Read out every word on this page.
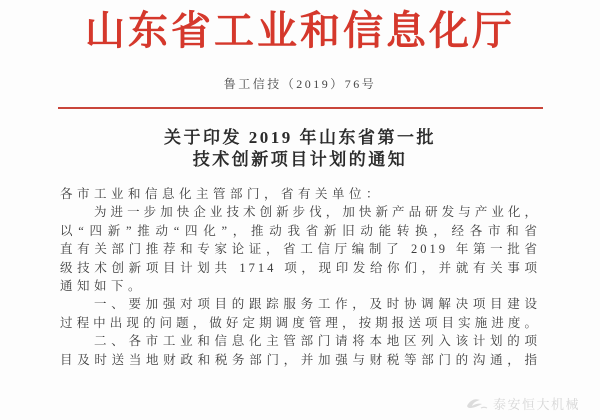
山东省工业和信息化厅
鲁工信技（2019）76号
关于印发 2019 年山东省第一批
技术创新项目计划的通知
各市工业和信息化主管部门，省有关单位：
为进一步加快企业技术创新步伐，加快新产品研发与产业化，
以“四新”推动“四化”，推动我省新旧动能转换，经各市和省
直有关部门推荐和专家论证，省工信厅编制了 2019 年第一批省
级技术创新项目计划共 1714 项，现印发给你们，并就有关事项
通知如下。
一、要加强对项目的跟踪服务工作，及时协调解决项目建设
过程中出现的问题，做好定期调度管理，按期报送项目实施进度。
二、各市工业和信息化主管部门请将本地区列入该计划的项
目及时送当地财政和税务部门，并加强与财税等部门的沟通，指
泰安恒大机械
